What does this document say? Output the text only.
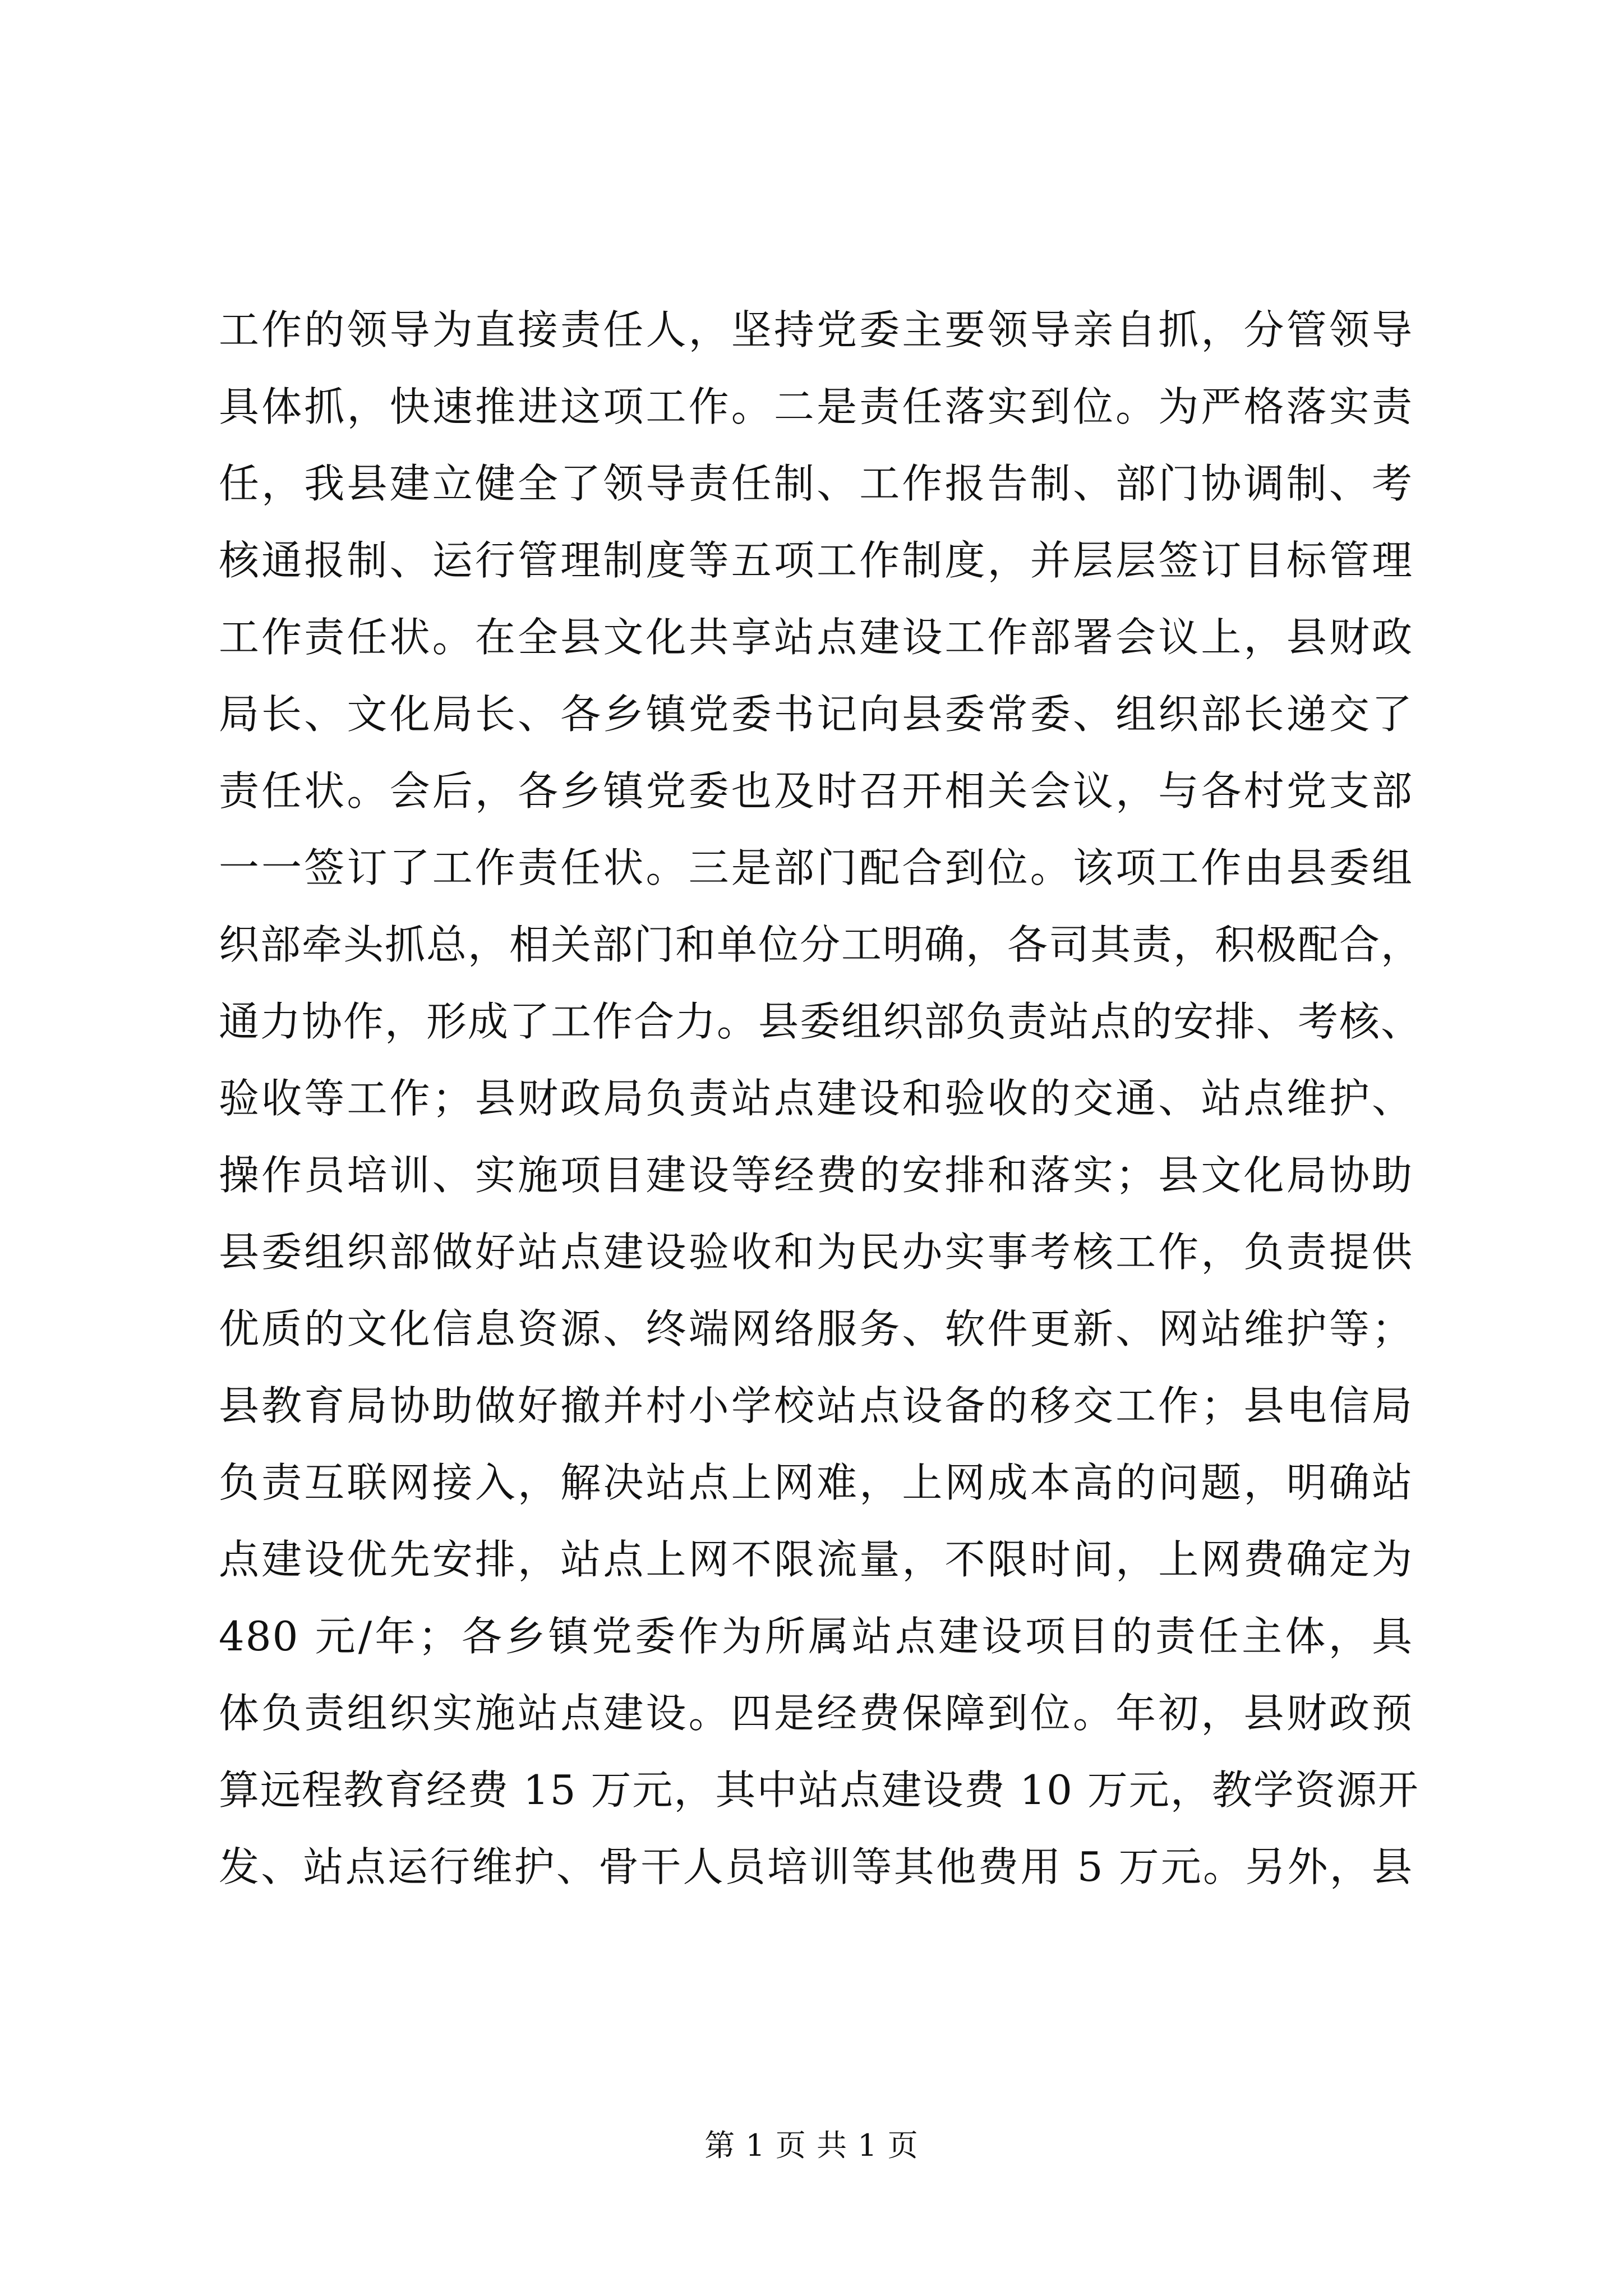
工作的领导为直接责任人，坚持党委主要领导亲自抓，分管领导
具体抓，快速推进这项工作。二是责任落实到位。为严格落实责
任，我县建立健全了领导责任制、工作报告制、部门协调制、考
核通报制、运行管理制度等五项工作制度，并层层签订目标管理
工作责任状。在全县文化共享站点建设工作部署会议上，县财政
局长、文化局长、各乡镇党委书记向县委常委、组织部长递交了
责任状。会后，各乡镇党委也及时召开相关会议，与各村党支部
一一签订了工作责任状。三是部门配合到位。该项工作由县委组
织部牵头抓总，相关部门和单位分工明确，各司其责，积极配合，
通力协作，形成了工作合力。县委组织部负责站点的安排、考核、
验收等工作；县财政局负责站点建设和验收的交通、站点维护、
操作员培训、实施项目建设等经费的安排和落实；县文化局协助
县委组织部做好站点建设验收和为民办实事考核工作，负责提供
优质的文化信息资源、终端网络服务、软件更新、网站维护等；
县教育局协助做好撤并村小学校站点设备的移交工作；县电信局
负责互联网接入，解决站点上网难，上网成本高的问题，明确站
点建设优先安排，站点上网不限流量，不限时间，上网费确定为
480 元/年；各乡镇党委作为所属站点建设项目的责任主体，具
体负责组织实施站点建设。四是经费保障到位。年初，县财政预
算远程教育经费 15 万元，其中站点建设费 10 万元，教学资源开
发、站点运行维护、骨干人员培训等其他费用 5 万元。另外，县
第 1 页 共 1 页
